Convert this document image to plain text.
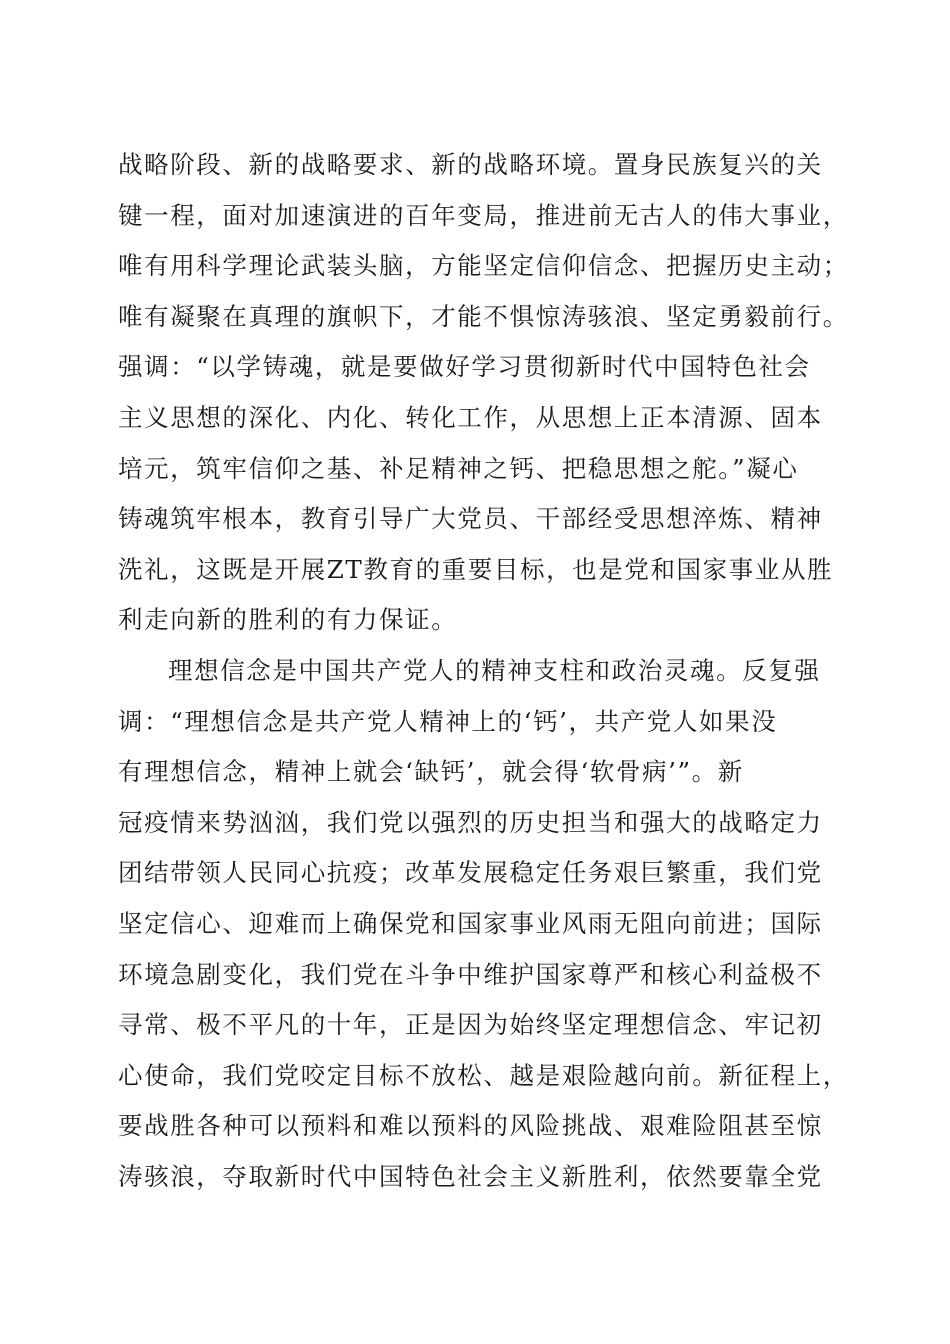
战略阶段、新的战略要求、新的战略环境。置身民族复兴的关
键一程，面对加速演进的百年变局，推进前无古人的伟大事业，
唯有用科学理论武装头脑，方能坚定信仰信念、把握历史主动；
唯有凝聚在真理的旗帜下，才能不惧惊涛骇浪、坚定勇毅前行。
强调：“以学铸魂，就是要做好学习贯彻新时代中国特色社会
主义思想的深化、内化、转化工作，从思想上正本清源、固本
培元，筑牢信仰之基、补足精神之钙、把稳思想之舵。”凝心
铸魂筑牢根本，教育引导广大党员、干部经受思想淬炼、精神
洗礼，这既是开展ZT教育的重要目标，也是党和国家事业从胜
利走向新的胜利的有力保证。
理想信念是中国共产党人的精神支柱和政治灵魂。反复强
调：“理想信念是共产党人精神上的‘钙’，共产党人如果没
有理想信念，精神上就会‘缺钙’，就会得‘软骨病’”。新
冠疫情来势汹汹，我们党以强烈的历史担当和强大的战略定力
团结带领人民同心抗疫；改革发展稳定任务艰巨繁重，我们党
坚定信心、迎难而上确保党和国家事业风雨无阻向前进；国际
环境急剧变化，我们党在斗争中维护国家尊严和核心利益极不
寻常、极不平凡的十年，正是因为始终坚定理想信念、牢记初
心使命，我们党咬定目标不放松、越是艰险越向前。新征程上，
要战胜各种可以预料和难以预料的风险挑战、艰难险阻甚至惊
涛骇浪，夺取新时代中国特色社会主义新胜利，依然要靠全党
